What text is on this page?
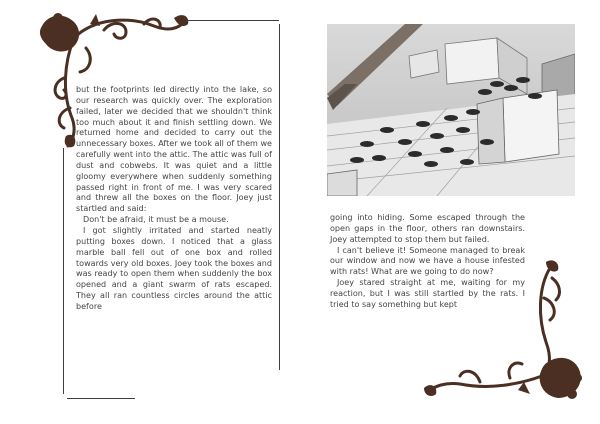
but the footprints led directly into the lake, so our research was quickly over. The exploration failed, later we decided that we shouldn't think too much about it and finish settling down. We returned home and decided to carry out the unnecessary boxes. After we took all of them we carefully went into the attic. The attic was full of dust and cobwebs. It was quiet and a little gloomy everywhere when suddenly something passed right in front of me. I was very scared and threw all the boxes on the floor. Joey just startled and said:

Don't be afraid, it must be a mouse.

I got slightly irritated and started neatly putting boxes down. I noticed that a glass marble ball fell out of one box and rolled towards very old boxes. Joey took the boxes and was ready to open them when suddenly the box opened and a giant swarm of rats escaped. They all ran countless circles around the attic before

going into hiding. Some escaped through the open gaps in the floor, others ran downstairs. Joey attempted to stop them but failed.

I can't believe it! Someone managed to break our window and now we have a house infested with rats! What are we going to do now?

Joey stared straight at me, waiting for my reaction, but I was still startled by the rats. I tried to say something but kept
